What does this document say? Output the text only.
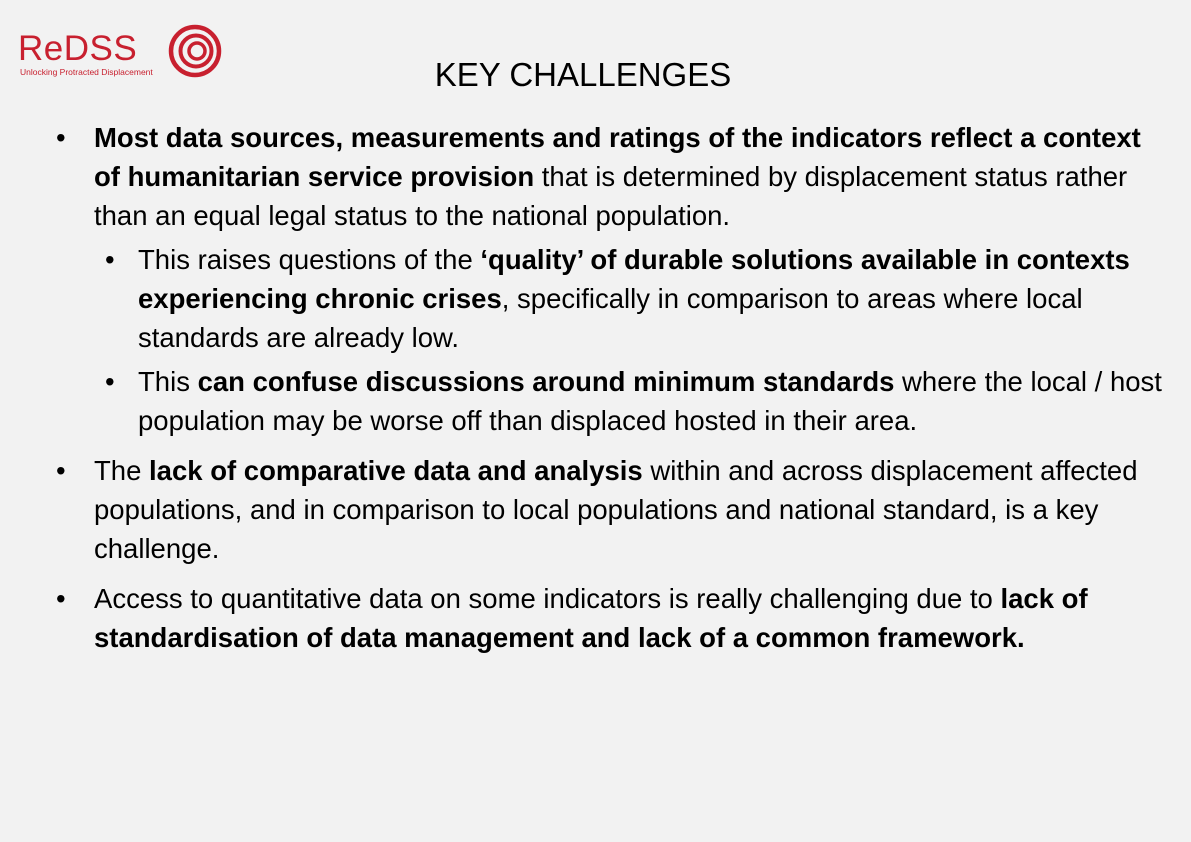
ReDSS
Unlocking Protracted Displacement	KEY CHALLENGES
• Most data sources, measurements and ratings of the indicators reflect a context of humanitarian service provision that is determined by displacement status rather than an equal legal status to the national population.
• This raises questions of the ‘quality’ of durable solutions available in contexts experiencing chronic crises, specifically in comparison to areas where local standards are already low.
• This can confuse discussions around minimum standards where the local / host population may be worse off than displaced hosted in their area.
• The lack of comparative data and analysis within and across displacement affected populations, and in comparison to local populations and national standard, is a key challenge.
• Access to quantitative data on some indicators is really challenging due to lack of standardisation of data management and lack of a common framework.
